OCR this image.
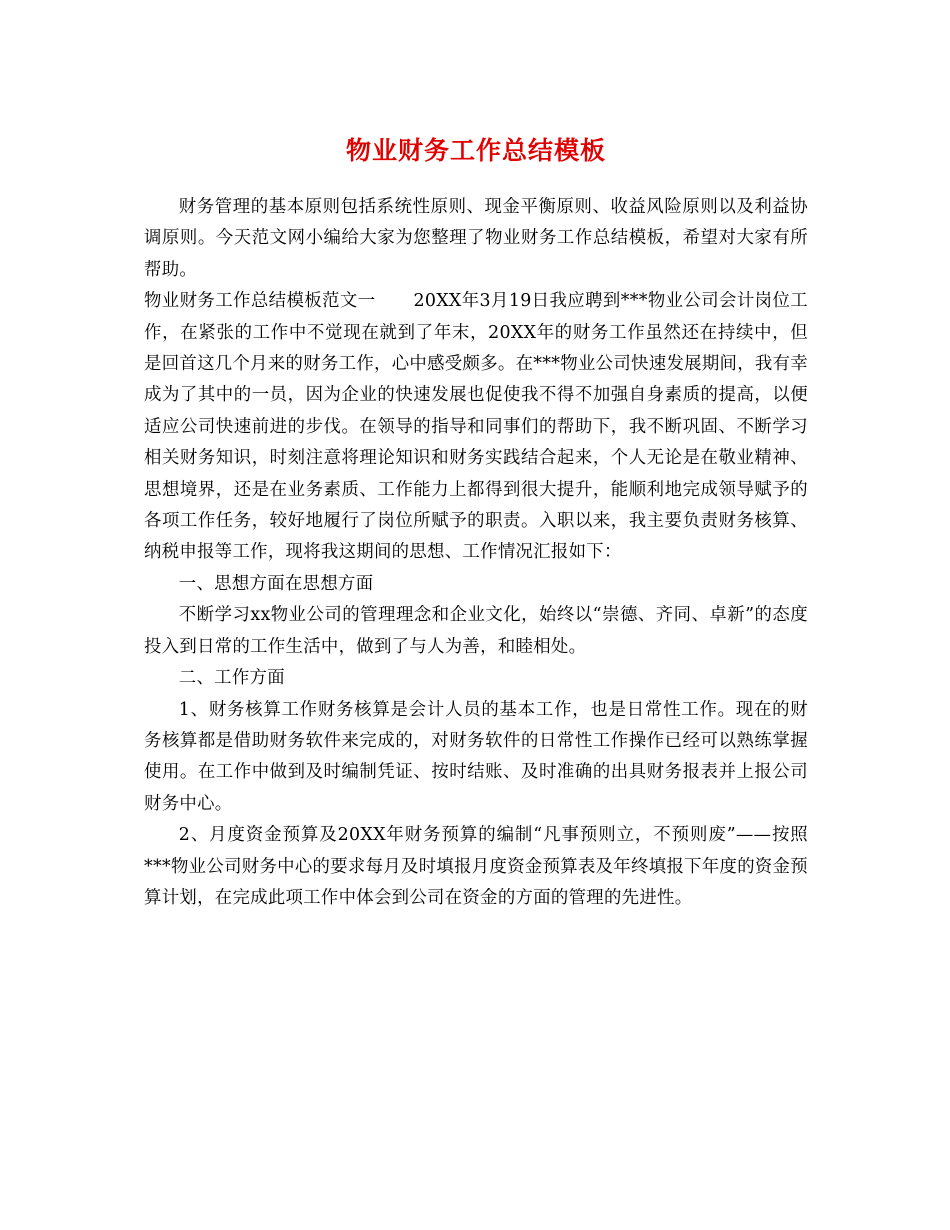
物业财务工作总结模板

财务管理的基本原则包括系统性原则、现金平衡原则、收益风险原则以及利益协调原则。今天范文网小编给大家为您整理了物业财务工作总结模板，希望对大家有所帮助。

物业财务工作总结模板范文一 20XX年3月19日我应聘到***物业公司会计岗位工作，在紧张的工作中不觉现在就到了年末，20XX年的财务工作虽然还在持续中，但是回首这几个月来的财务工作，心中感受颇多。在***物业公司快速发展期间，我有幸成为了其中的一员，因为企业的快速发展也促使我不得不加强自身素质的提高，以便适应公司快速前进的步伐。在领导的指导和同事们的帮助下，我不断巩固、不断学习相关财务知识，时刻注意将理论知识和财务实践结合起来，个人无论是在敬业精神、思想境界，还是在业务素质、工作能力上都得到很大提升，能顺利地完成领导赋予的各项工作任务，较好地履行了岗位所赋予的职责。入职以来，我主要负责财务核算、纳税申报等工作，现将我这期间的思想、工作情况汇报如下：

一、思想方面在思想方面

不断学习xx物业公司的管理理念和企业文化，始终以“崇德、齐同、卓新”的态度投入到日常的工作生活中，做到了与人为善，和睦相处。

二、工作方面

1、财务核算工作财务核算是会计人员的基本工作，也是日常性工作。现在的财务核算都是借助财务软件来完成的，对财务软件的日常性工作操作已经可以熟练掌握使用。在工作中做到及时编制凭证、按时结账、及时准确的出具财务报表并上报公司财务中心。

2、月度资金预算及20XX年财务预算的编制“凡事预则立，不预则废”——按照***物业公司财务中心的要求每月及时填报月度资金预算表及年终填报下年度的资金预算计划，在完成此项工作中体会到公司在资金的方面的管理的先进性。
